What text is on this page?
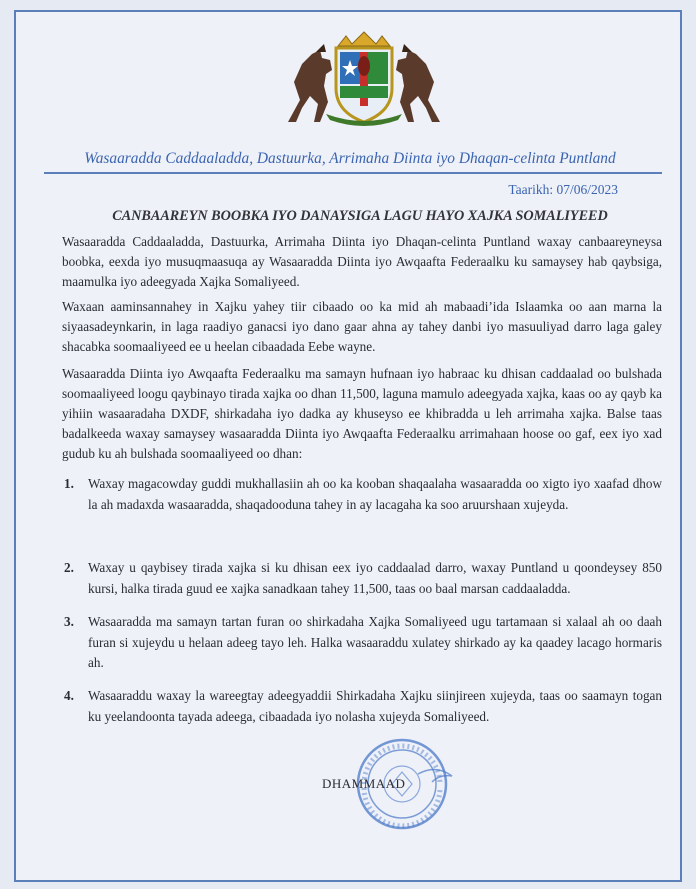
Wasaaradda Caddaaladda, Dastuurka, Arrimaha Diinta iyo Dhaqan-celinta Puntland
Taarikh: 07/06/2023
CANBAAREYN BOOBKA IYO DANAYSIGA LAGU HAYO XAJKA SOMALIYEED

Wasaaradda Caddaaladda, Dastuurka, Arrimaha Diinta iyo Dhaqan-celinta Puntland waxay canbaareyneysa boobka, eexda iyo musuqmaasuqa ay Wasaaradda Diinta iyo Awqaafta Federaalku ku samaysey hab qaybsiga, maamulka iyo adeegyada Xajka Somaliyeed.

Waxaan aaminsannahey in Xajku yahey tiir cibaado oo ka mid ah mabaadi’ida Islaamka oo aan marna la siyaasadeynkarin, in laga raadiyo ganacsi iyo dano gaar ahna ay tahey danbi iyo masuuliyad darro laga galey shacabka soomaaliyeed ee u heelan cibaadada Eebe wayne.

Wasaaradda Diinta iyo Awqaafta Federaalku ma samayn hufnaan iyo habraac ku dhisan caddaalad oo bulshada soomaaliyeed loogu qaybinayo tirada xajka oo dhan 11,500, laguna mamulo adeegyada xajka, kaas oo ay qayb ka yihiin wasaaradaha DXDF, shirkadaha iyo dadka ay khuseyso ee khibradda u leh arrimaha xajka. Balse taas badalkeeda waxay samaysey wasaaradda Diinta iyo Awqaafta Federaalku arrimahaan hoose oo gaf, eex iyo xad gudub ku ah bulshada soomaaliyeed oo dhan:

1. Waxay magacowday guddi mukhallasiin ah oo ka kooban shaqaalaha wasaaradda oo xigto iyo xaafad dhow la ah madaxda wasaaradda, shaqadooduna tahey in ay lacagaha ka soo aruurshaan xujeyda.
2. Waxay u qaybisey tirada xajka si ku dhisan eex iyo caddaalad darro, waxay Puntland u qoondeysey 850 kursi, halka tirada guud ee xajka sanadkaan tahey 11,500, taas oo baal marsan caddaaladda.
3. Wasaaradda ma samayn tartan furan oo shirkadaha Xajka Somaliyeed ugu tartamaan si xalaal ah oo daah furan si xujeydu u helaan adeeg tayo leh. Halka wasaaraddu xulatey shirkado ay ka qaadey lacago hormaris ah.
4. Wasaaraddu waxay la wareegtay adeegyaddii Shirkadaha Xajku siinjireen xujeyda, taas oo saamayn togan ku yeelandoonta tayada adeega, cibaadada iyo nolasha xujeyda Somaliyeed.
DHAMMAAD
